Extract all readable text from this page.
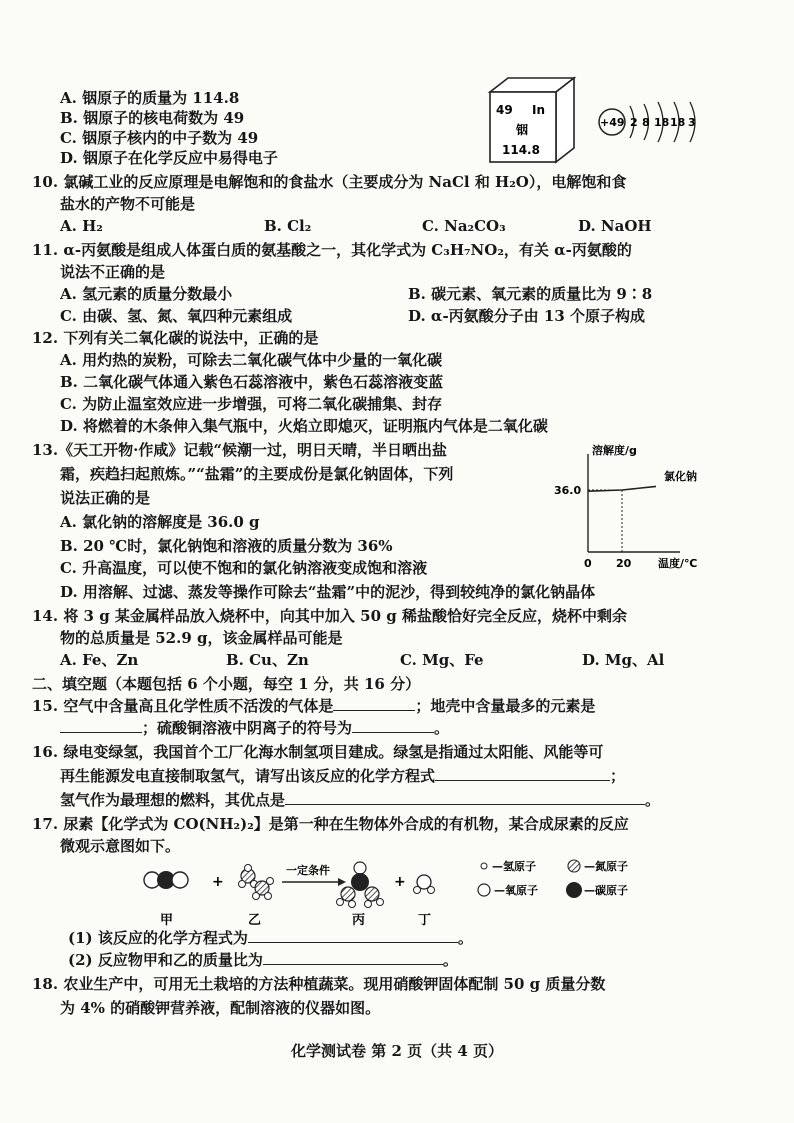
A. 铟原子的质量为 114.8
B. 铟原子的核电荷数为 49
C. 铟原子核内的中子数为 49
D. 铟原子在化学反应中易得电子
49 In
铟
114.8
+49 2 8 18 18 3
10. 氯碱工业的反应原理是电解饱和的食盐水（主要成分为 NaCl 和 H₂O），电解饱和食
盐水的产物不可能是
A. H₂	B. Cl₂	C. Na₂CO₃	D. NaOH
11. α-丙氨酸是组成人体蛋白质的氨基酸之一，其化学式为 C₃H₇NO₂，有关 α-丙氨酸的
说法不正确的是
A. 氢元素的质量分数最小	B. 碳元素、氧元素的质量比为 9∶8
C. 由碳、氢、氮、氧四种元素组成	D. α-丙氨酸分子由 13 个原子构成
12. 下列有关二氧化碳的说法中，正确的是
A. 用灼热的炭粉，可除去二氧化碳气体中少量的一氧化碳
B. 二氧化碳气体通入紫色石蕊溶液中，紫色石蕊溶液变蓝
C. 为防止温室效应进一步增强，可将二氧化碳捕集、封存
D. 将燃着的木条伸入集气瓶中，火焰立即熄灭，证明瓶内气体是二氧化碳
13.《天工开物·作咸》记载“候潮一过，明日天晴，半日晒出盐
霜，疾趋扫起煎炼。”“盐霜”的主要成份是氯化钠固体，下列
说法正确的是
A. 氯化钠的溶解度是 36.0 g
B. 20 ℃时，氯化钠饱和溶液的质量分数为 36%
C. 升高温度，可以使不饱和的氯化钠溶液变成饱和溶液
D. 用溶解、过滤、蒸发等操作可除去“盐霜”中的泥沙，得到较纯净的氯化钠晶体
溶解度/g
温度/℃
36.0
0 20
氯化钠
14. 将 3 g 某金属样品放入烧杯中，向其中加入 50 g 稀盐酸恰好完全反应，烧杯中剩余
物的总质量是 52.9 g，该金属样品可能是
A. Fe、Zn	B. Cu、Zn	C. Mg、Fe	D. Mg、Al
二、填空题（本题包括 6 个小题，每空 1 分，共 16 分）
15. 空气中含量高且化学性质不活泼的气体是	；地壳中含量最多的元素是
；硫酸铜溶液中阴离子的符号为	。
16. 绿电变绿氢，我国首个工厂化海水制氢项目建成。绿氢是指通过太阳能、风能等可
再生能源发电直接制取氢气，请写出该反应的化学方程式	；
氢气作为最理想的燃料，其优点是	。
17. 尿素【化学式为 CO(NH₂)₂】是第一种在生物体外合成的有机物，某合成尿素的反应
微观示意图如下。
+
一定条件
+
甲	乙	丙	丁
—氢原子	—氮原子
—氧原子	—碳原子
(1) 该反应的化学方程式为	。
(2) 反应物甲和乙的质量比为	。
18. 农业生产中，可用无土栽培的方法种植蔬菜。现用硝酸钾固体配制 50 g 质量分数
为 4% 的硝酸钾营养液，配制溶液的仪器如图。
化学测试卷 第 2 页（共 4 页）
